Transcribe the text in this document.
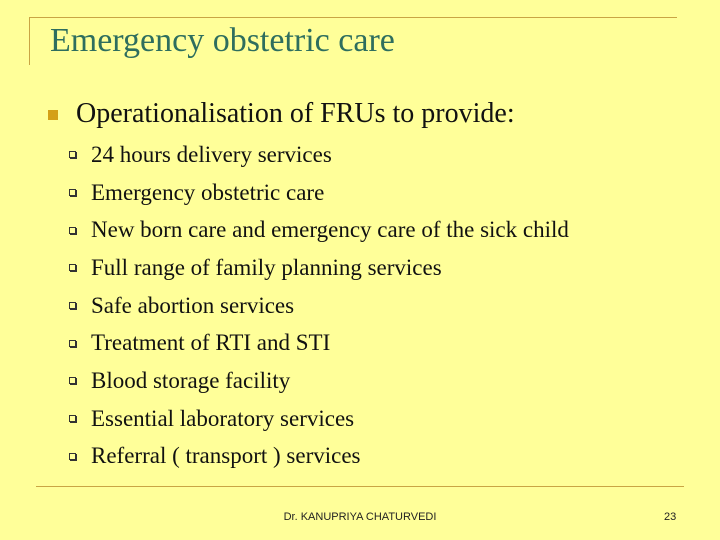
Emergency obstetric care
Operationalisation of FRUs to provide:
24 hours delivery services
Emergency obstetric care
New born care and emergency care of the sick child
Full range of family planning services
Safe abortion services
Treatment of RTI and STI
Blood storage facility
Essential laboratory services
Referral ( transport ) services
Dr. KANUPRIYA CHATURVEDI	23
